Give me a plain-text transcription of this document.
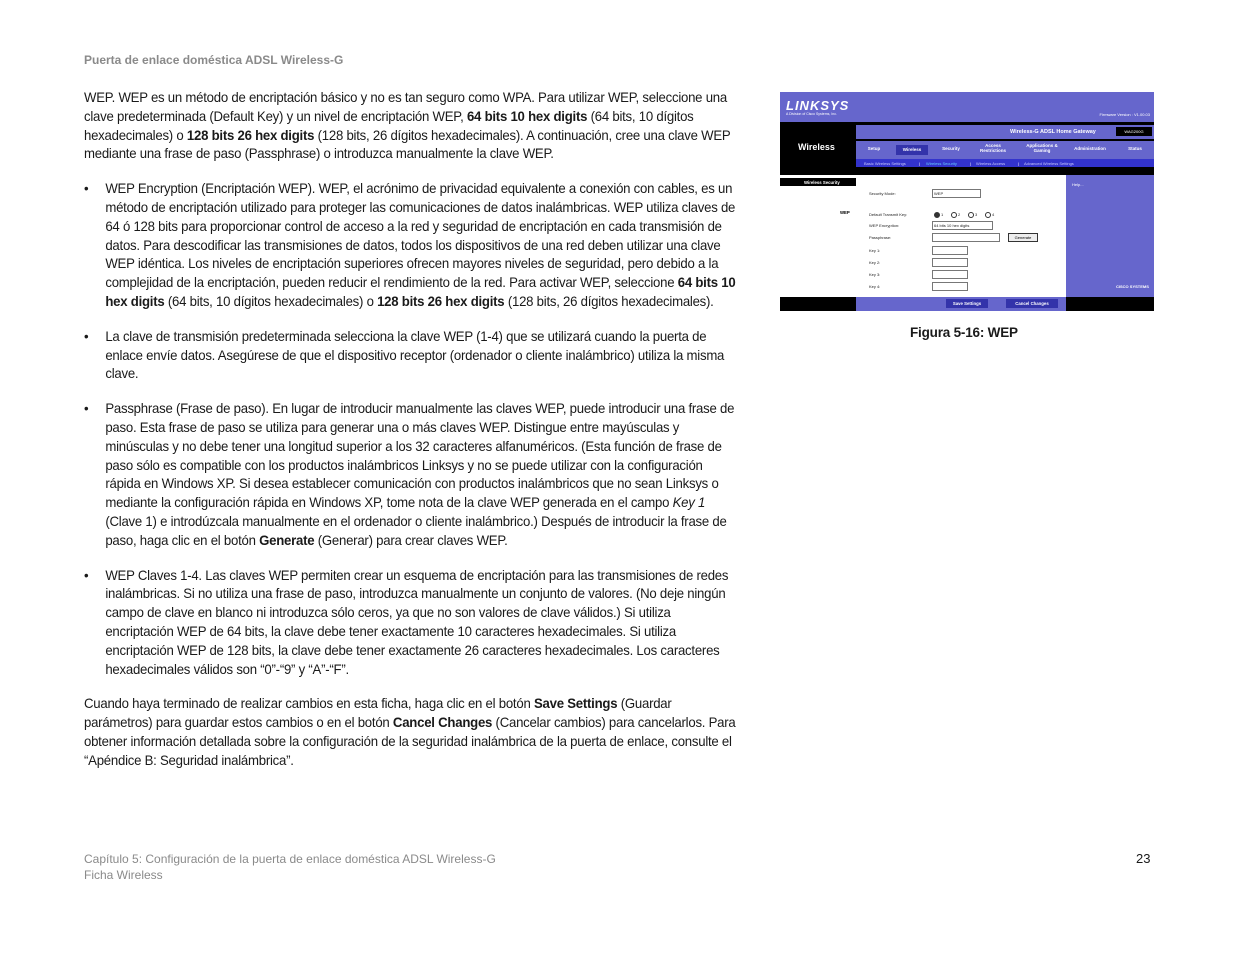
Puerta de enlace doméstica ADSL Wireless-G

WEP. WEP es un método de encriptación básico y no es tan seguro como WPA. Para utilizar WEP, seleccione una clave predeterminada (Default Key) y un nivel de encriptación WEP, 64 bits 10 hex digits (64 bits, 10 dígitos hexadecimales) o 128 bits 26 hex digits (128 bits, 26 dígitos hexadecimales). A continuación, cree una clave WEP mediante una frase de paso (Passphrase) o introduzca manualmente la clave WEP.

• WEP Encryption (Encriptación WEP). WEP, el acrónimo de privacidad equivalente a conexión con cables, es un método de encriptación utilizado para proteger las comunicaciones de datos inalámbricas. WEP utiliza claves de 64 ó 128 bits para proporcionar control de acceso a la red y seguridad de encriptación en cada transmisión de datos. Para descodificar las transmisiones de datos, todos los dispositivos de una red deben utilizar una clave WEP idéntica. Los niveles de encriptación superiores ofrecen mayores niveles de seguridad, pero debido a la complejidad de la encriptación, pueden reducir el rendimiento de la red. Para activar WEP, seleccione 64 bits 10 hex digits (64 bits, 10 dígitos hexadecimales) o 128 bits 26 hex digits (128 bits, 26 dígitos hexadecimales).
• La clave de transmisión predeterminada selecciona la clave WEP (1-4) que se utilizará cuando la puerta de enlace envíe datos. Asegúrese de que el dispositivo receptor (ordenador o cliente inalámbrico) utiliza la misma clave.
• Passphrase (Frase de paso). En lugar de introducir manualmente las claves WEP, puede introducir una frase de paso. Esta frase de paso se utiliza para generar una o más claves WEP. Distingue entre mayúsculas y minúsculas y no debe tener una longitud superior a los 32 caracteres alfanuméricos. (Esta función de frase de paso sólo es compatible con los productos inalámbricos Linksys y no se puede utilizar con la configuración rápida en Windows XP. Si desea establecer comunicación con productos inalámbricos que no sean Linksys o mediante la configuración rápida en Windows XP, tome nota de la clave WEP generada en el campo Key 1 (Clave 1) e introdúzcala manualmente en el ordenador o cliente inalámbrico.) Después de introducir la frase de paso, haga clic en el botón Generate (Generar) para crear claves WEP.
• WEP Claves 1-4. Las claves WEP permiten crear un esquema de encriptación para las transmisiones de redes inalámbricas. Si no utiliza una frase de paso, introduzca manualmente un conjunto de valores. (No deje ningún campo de clave en blanco ni introduzca sólo ceros, ya que no son valores de clave válidos.) Si utiliza encriptación WEP de 64 bits, la clave debe tener exactamente 10 caracteres hexadecimales. Si utiliza encriptación WEP de 128 bits, la clave debe tener exactamente 26 caracteres hexadecimales. Los caracteres hexadecimales válidos son “0”-“9” y “A”-“F”.

Cuando haya terminado de realizar cambios en esta ficha, haga clic en el botón Save Settings (Guardar parámetros) para guardar estos cambios o en el botón Cancel Changes (Cancelar cambios) para cancelarlos. Para obtener información detallada sobre la configuración de la seguridad inalámbrica de la puerta de enlace, consulte el “Apéndice B: Seguridad inalámbrica”.

LINKSYS
A Division of Cisco Systems, Inc.	Firmware Version : V1.00.03
Wireless-G ADSL Home Gateway	WAG200G
Wireless	Setup	Wireless	Security
Access Restrictions
Applications & Gaming	Administration	Status
Basic Wireless Settings	| Wireless Security	| Wireless Access	| Advanced Wireless Settings
Wireless Security
WEP
Security Mode:	WEP
Default Transmit Key:	1	2	3	4
WEP Encryption:	64 bits 10 hex digits
Passphrase:	Generate
Key 1:
Key 2:
Key 3:
Key 4:
Help...
CISCO SYSTEMS
Save Settings	Cancel Changes
Figura 5-16: WEP
Capítulo 5: Configuración de la puerta de enlace doméstica ADSL Wireless-G
Ficha Wireless
23
